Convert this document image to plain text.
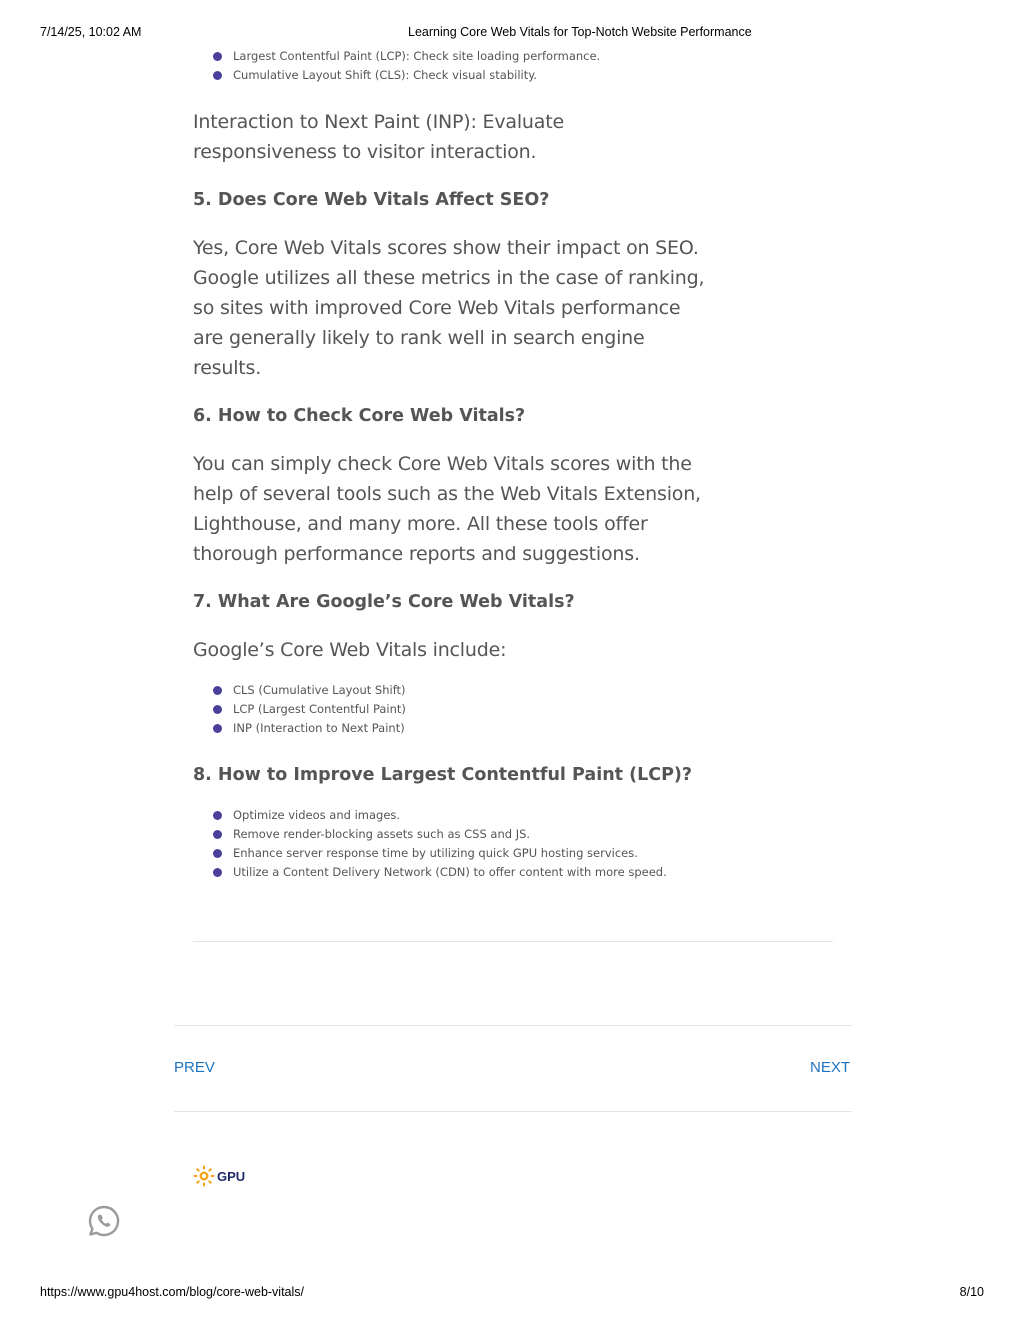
7/14/25, 10:02 AM	Learning Core Web Vitals for Top-Notch Website Performance
Largest Contentful Paint (LCP): Check site loading performance.
Cumulative Layout Shift (CLS): Check visual stability.

Interaction to Next Paint (INP): Evaluate responsiveness to visitor interaction.

5. Does Core Web Vitals Affect SEO?

Yes, Core Web Vitals scores show their impact on SEO. Google utilizes all these metrics in the case of ranking, so sites with improved Core Web Vitals performance are generally likely to rank well in search engine results.

6. How to Check Core Web Vitals?

You can simply check Core Web Vitals scores with the help of several tools such as the Web Vitals Extension, Lighthouse, and many more. All these tools offer thorough performance reports and suggestions.

7. What Are Google’s Core Web Vitals?

Google’s Core Web Vitals include:

CLS (Cumulative Layout Shift)
LCP (Largest Contentful Paint)
INP (Interaction to Next Paint)
8. How to Improve Largest Contentful Paint (LCP)?
Optimize videos and images.
Remove render-blocking assets such as CSS and JS.
Enhance server response time by utilizing quick GPU hosting services.
Utilize a Content Delivery Network (CDN) to offer content with more speed.
PREV	NEXT
GPU
https://www.gpu4host.com/blog/core-web-vitals/	8/10
